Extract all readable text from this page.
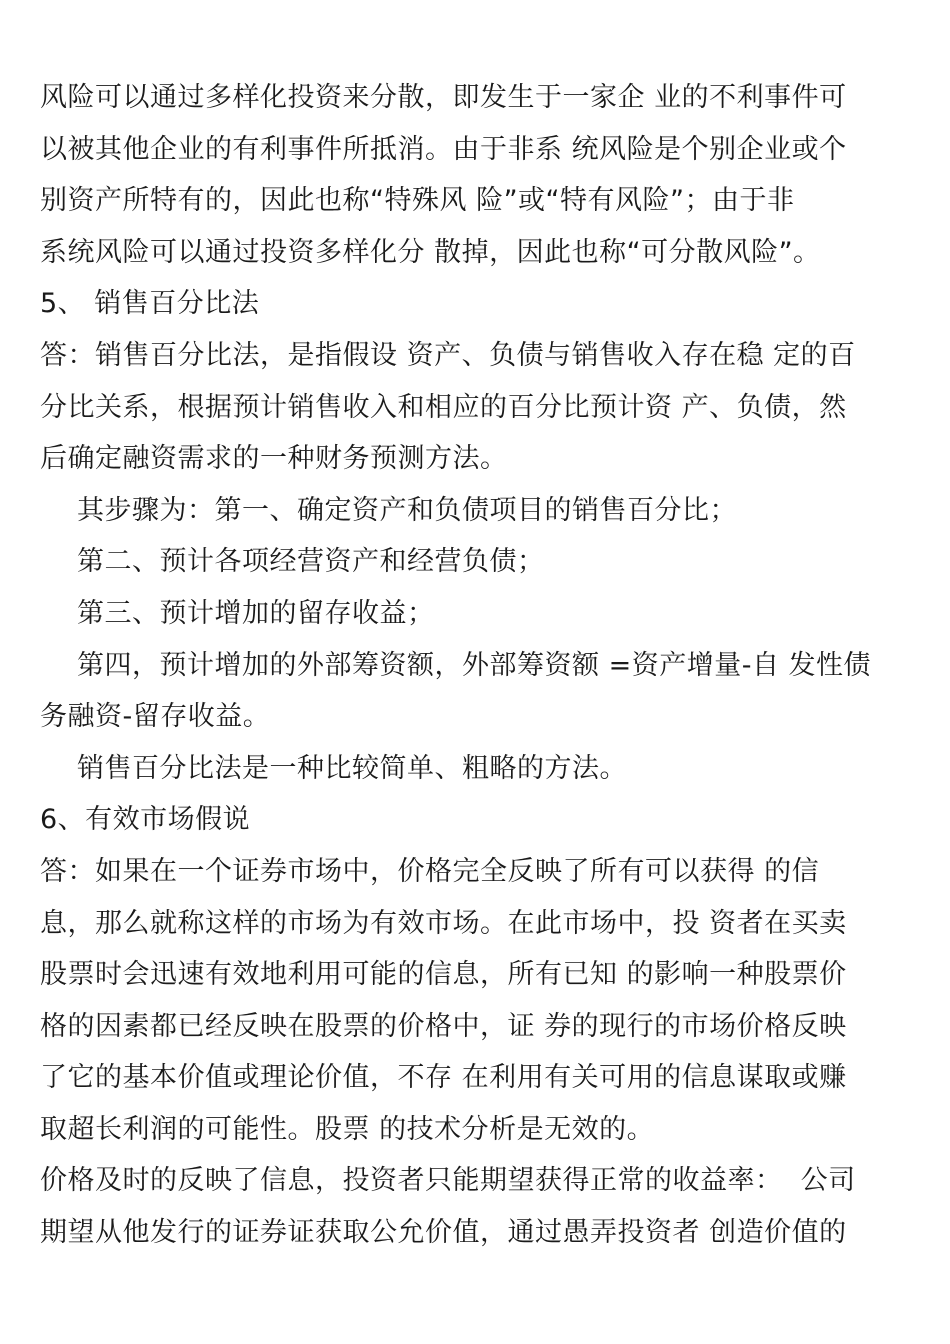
风险可以通过多样化投资来分散，即发生于一家企 业的不利事件可
以被其他企业的有利事件所抵消。由于非系 统风险是个别企业或个
别资产所特有的，因此也称“特殊风 险”或“特有风险”；由于非
系统风险可以通过投资多样化分 散掉，因此也称“可分散风险”。
5、 销售百分比法
答：销售百分比法，是指假设 资产、负债与销售收入存在稳 定的百
分比关系，根据预计销售收入和相应的百分比预计资 产、负债，然
后确定融资需求的一种财务预测方法。
其步骤为：第一、确定资产和负债项目的销售百分比；
第二、预计各项经营资产和经营负债；
第三、预计增加的留存收益；
第四，预计增加的外部筹资额，外部筹资额 =资产增量-自 发性债
务融资-留存收益。
销售百分比法是一种比较简单、粗略的方法。
6、有效市场假说
答：如果在一个证券市场中，价格完全反映了所有可以获得 的信
息，那么就称这样的市场为有效市场。在此市场中，投 资者在买卖
股票时会迅速有效地利用可能的信息，所有已知 的影响一种股票价
格的因素都已经反映在股票的价格中，证 券的现行的市场价格反映
了它的基本价值或理论价值，不存 在利用有关可用的信息谋取或赚
取超长利润的可能性。股票 的技术分析是无效的。
价格及时的反映了信息，投资者只能期望获得正常的收益率：  公司
期望从他发行的证券证获取公允价值，通过愚弄投资者 创造价值的
